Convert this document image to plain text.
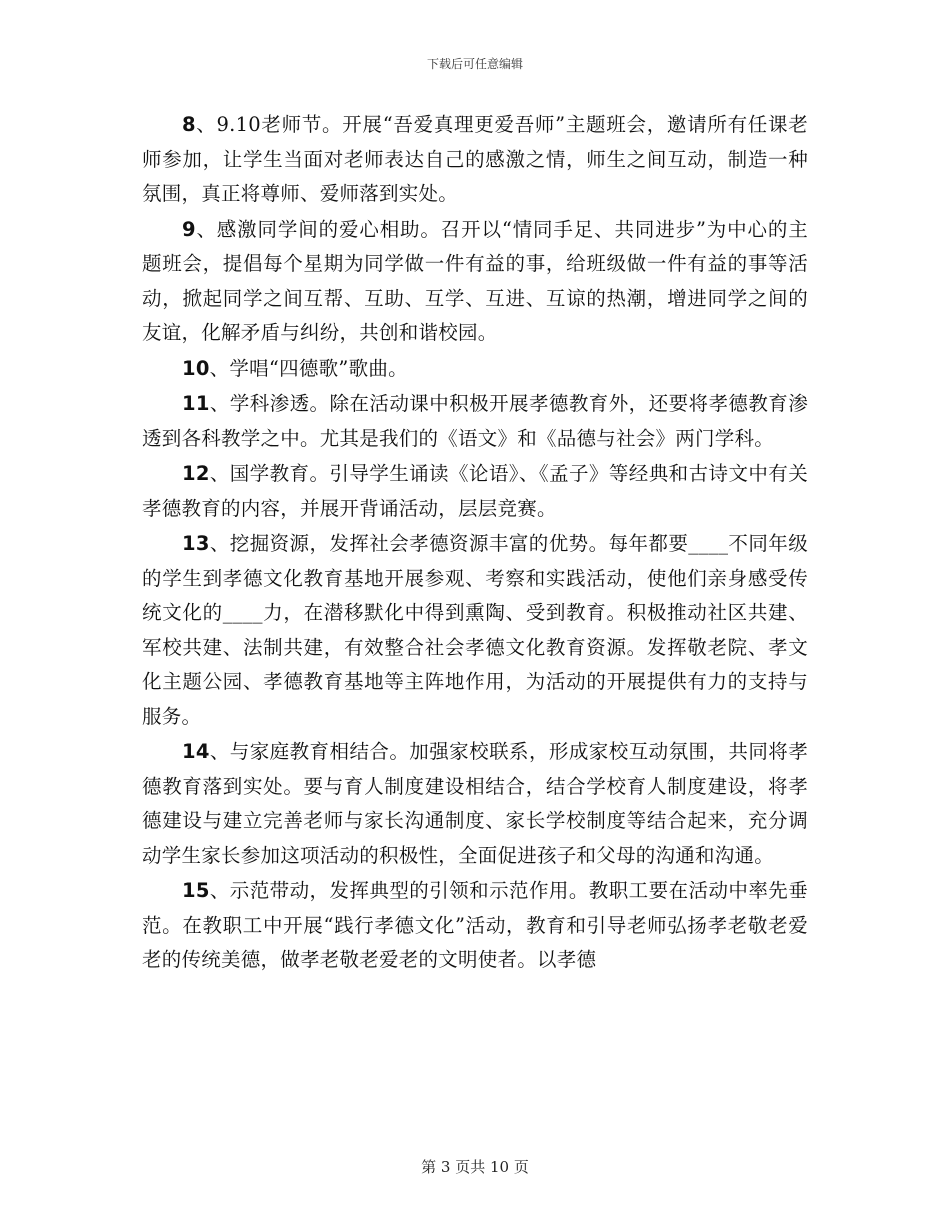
下载后可任意编辑

8、9.10老师节。开展“吾爱真理更爱吾师”主题班会，邀请所有任课老师参加，让学生当面对老师表达自己的感激之情，师生之间互动，制造一种氛围，真正将尊师、爱师落到实处。

9、感激同学间的爱心相助。召开以“情同手足、共同进步”为中心的主题班会，提倡每个星期为同学做一件有益的事，给班级做一件有益的事等活动，掀起同学之间互帮、互助、互学、互进、互谅的热潮，增进同学之间的友谊，化解矛盾与纠纷，共创和谐校园。

10、学唱“四德歌”歌曲。

11、学科渗透。除在活动课中积极开展孝德教育外，还要将孝德教育渗透到各科教学之中。尤其是我们的《语文》和《品德与社会》两门学科。

12、国学教育。引导学生诵读《论语》、《孟子》等经典和古诗文中有关孝德教育的内容，并展开背诵活动，层层竞赛。

13、挖掘资源，发挥社会孝德资源丰富的优势。每年都要____不同年级的学生到孝德文化教育基地开展参观、考察和实践活动，使他们亲身感受传统文化的____力，在潜移默化中得到熏陶、受到教育。积极推动社区共建、军校共建、法制共建，有效整合社会孝德文化教育资源。发挥敬老院、孝文化主题公园、孝德教育基地等主阵地作用，为活动的开展提供有力的支持与服务。

14、与家庭教育相结合。加强家校联系，形成家校互动氛围，共同将孝德教育落到实处。要与育人制度建设相结合，结合学校育人制度建设，将孝德建设与建立完善老师与家长沟通制度、家长学校制度等结合起来，充分调动学生家长参加这项活动的积极性，全面促进孩子和父母的沟通和沟通。

15、示范带动，发挥典型的引领和示范作用。教职工要在活动中率先垂范。在教职工中开展“践行孝德文化”活动，教育和引导老师弘扬孝老敬老爱老的传统美德，做孝老敬老爱老的文明使者。以孝德

第 3 页共 10 页
